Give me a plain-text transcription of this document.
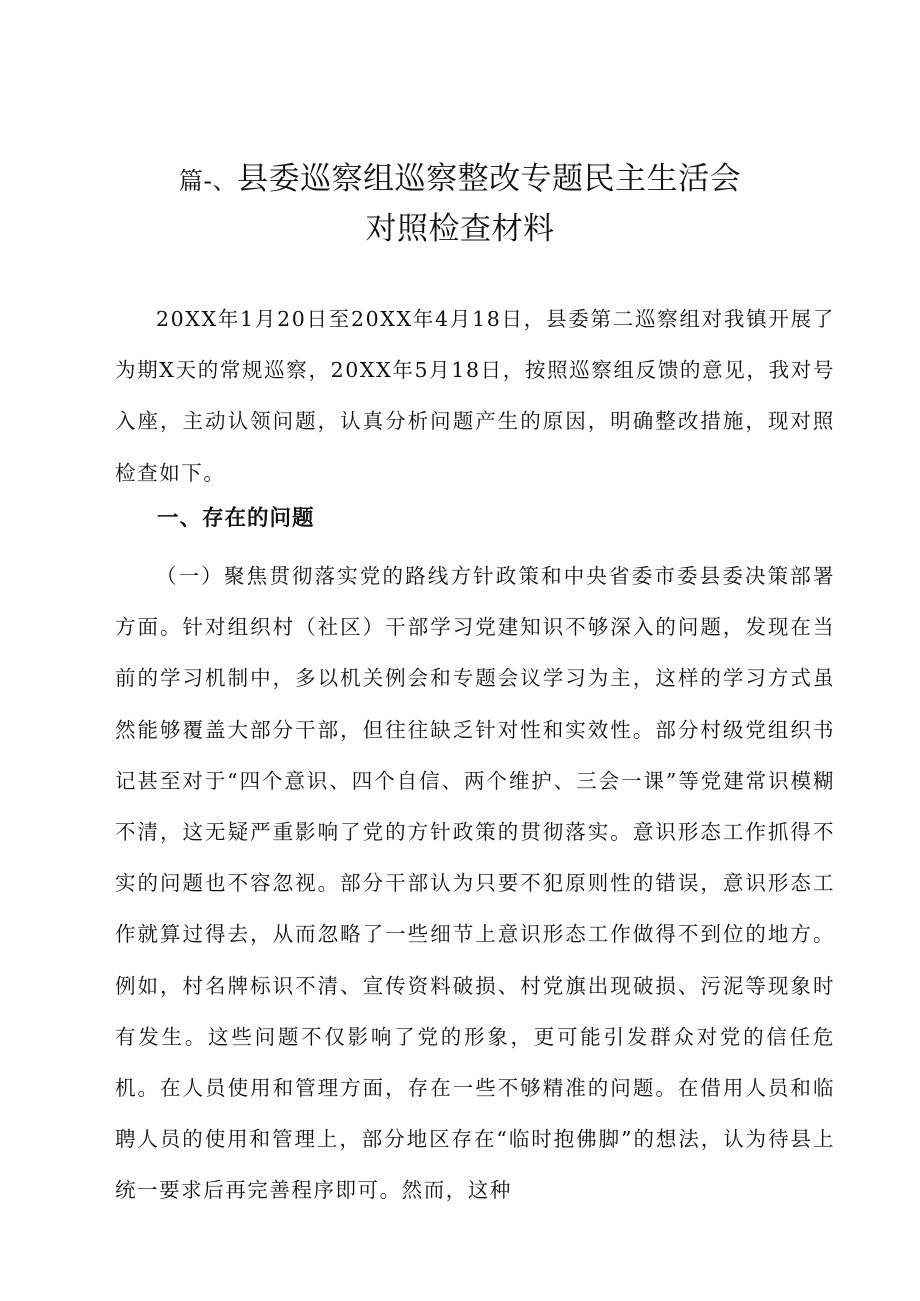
篇-、县委巡察组巡察整改专题民主生活会
对照检查材料

20XX年1月20日至20XX年4月18日，县委第二巡察组对我镇开展了为期X天的常规巡察，20XX年5月18日，按照巡察组反馈的意见，我对号入座，主动认领问题，认真分析问题产生的原因，明确整改措施，现对照检查如下。

一、存在的问题

（一）聚焦贯彻落实党的路线方针政策和中央省委市委县委决策部署方面。针对组织村（社区）干部学习党建知识不够深入的问题，发现在当前的学习机制中，多以机关例会和专题会议学习为主，这样的学习方式虽然能够覆盖大部分干部，但往往缺乏针对性和实效性。部分村级党组织书记甚至对于“四个意识、四个自信、两个维护、三会一课”等党建常识模糊不清，这无疑严重影响了党的方针政策的贯彻落实。意识形态工作抓得不实的问题也不容忽视。部分干部认为只要不犯原则性的错误，意识形态工作就算过得去，从而忽略了一些细节上意识形态工作做得不到位的地方。例如，村名牌标识不清、宣传资料破损、村党旗出现破损、污泥等现象时有发生。这些问题不仅影响了党的形象，更可能引发群众对党的信任危机。在人员使用和管理方面，存在一些不够精准的问题。在借用人员和临聘人员的使用和管理上，部分地区存在“临时抱佛脚”的想法，认为待县上统一要求后再完善程序即可。然而，这种
